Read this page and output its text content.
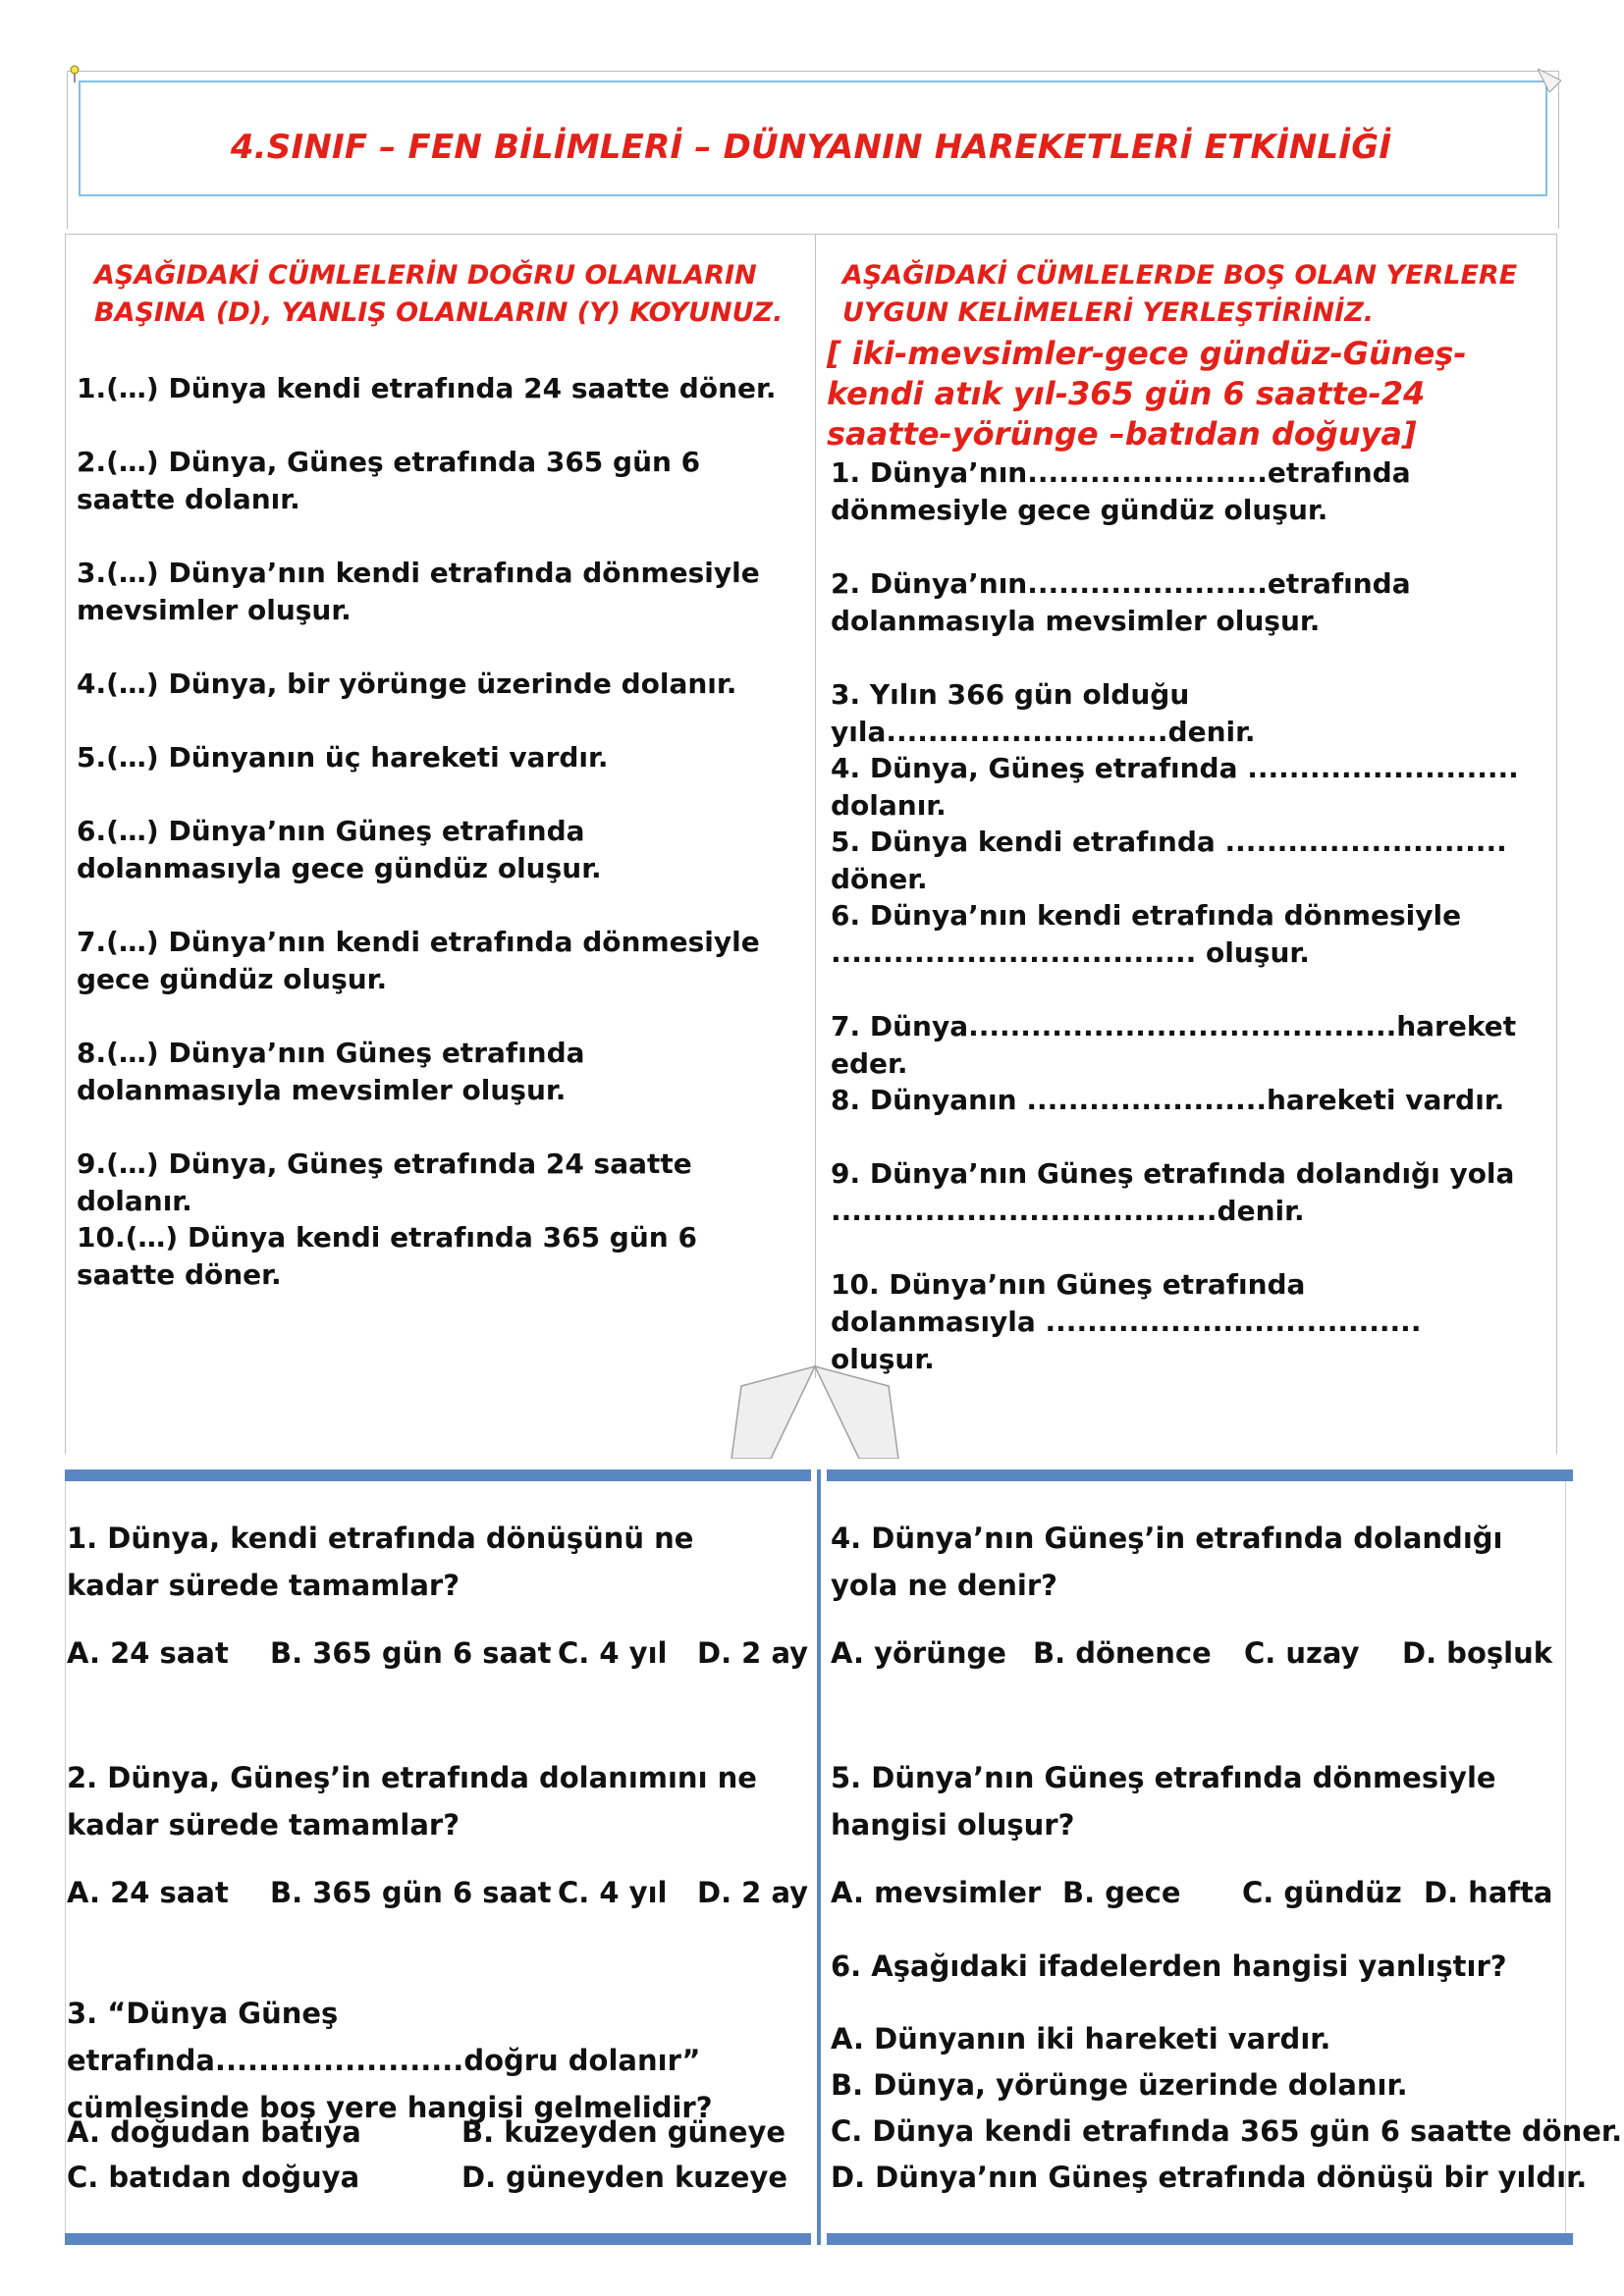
4.SINIF – FEN BİLİMLERİ – DÜNYANIN HAREKETLERİ ETKİNLİĞİ
AŞAĞIDAKİ CÜMLELERİN DOĞRU OLANLARIN BAŞINA (D), YANLIŞ OLANLARIN (Y) KOYUNUZ.
1.(…) Dünya kendi etrafında 24 saatte döner.
2.(…) Dünya, Güneş etrafında 365 gün 6 saatte dolanır.
3.(…) Dünya’nın kendi etrafında dönmesiyle mevsimler oluşur.
4.(…) Dünya, bir yörünge üzerinde dolanır.
5.(…) Dünyanın üç hareketi vardır.
6.(…) Dünya’nın Güneş etrafında dolanmasıyla gece gündüz oluşur.
7.(…) Dünya’nın kendi etrafında dönmesiyle gece gündüz oluşur.
8.(…) Dünya’nın Güneş etrafında dolanmasıyla mevsimler oluşur.
9.(…) Dünya, Güneş etrafında 24 saatte dolanır.
10.(…) Dünya kendi etrafında 365 gün 6 saatte döner.
AŞAĞIDAKİ CÜMLELERDE BOŞ OLAN YERLERE UYGUN KELİMELERİ YERLEŞTİRİNİZ.
[ iki-mevsimler-gece gündüz-Güneş-kendi atık yıl-365 gün 6 saatte-24 saatte-yörünge –batıdan doğuya]
1. Dünya’nın.......................etrafında dönmesiyle gece gündüz oluşur.
2. Dünya’nın.......................etrafında dolanmasıyla mevsimler oluşur.
3. Yılın 366 gün olduğu yıla...........................denir.
4. Dünya, Güneş etrafında .......................... dolanır.
5. Dünya kendi etrafında ........................... döner.
6. Dünya’nın kendi etrafında dönmesiyle ................................... oluşur.
7. Dünya.........................................hareket eder.
8. Dünyanın .......................hareketi vardır.
9. Dünya’nın Güneş etrafında dolandığı yola .....................................denir.
10. Dünya’nın Güneş etrafında dolanmasıyla .................................... oluşur.
1. Dünya, kendi etrafında dönüşünü ne kadar sürede tamamlar?
A. 24 saat B. 365 gün 6 saat C. 4 yıl D. 2 ay
2. Dünya, Güneş’in etrafında dolanımını ne kadar sürede tamamlar?
A. 24 saat B. 365 gün 6 saat C. 4 yıl D. 2 ay
3. “Dünya Güneş etrafında.......................doğru dolanır” cümlesinde boş yere hangisi gelmelidir?
A. doğudan batıya	B. kuzeyden güneye
C. batıdan doğuya	D. güneyden kuzeye
4. Dünya’nın Güneş’in etrafında dolandığı yola ne denir?
A. yörünge B. dönence C. uzay D. boşluk
5. Dünya’nın Güneş etrafında dönmesiyle hangisi oluşur?
A. mevsimler B. gece C. gündüz D. hafta
6. Aşağıdaki ifadelerden hangisi yanlıştır?
A. Dünyanın iki hareketi vardır.
B. Dünya, yörünge üzerinde dolanır.
C. Dünya kendi etrafında 365 gün 6 saatte döner.
D. Dünya’nın Güneş etrafında dönüşü bir yıldır.
